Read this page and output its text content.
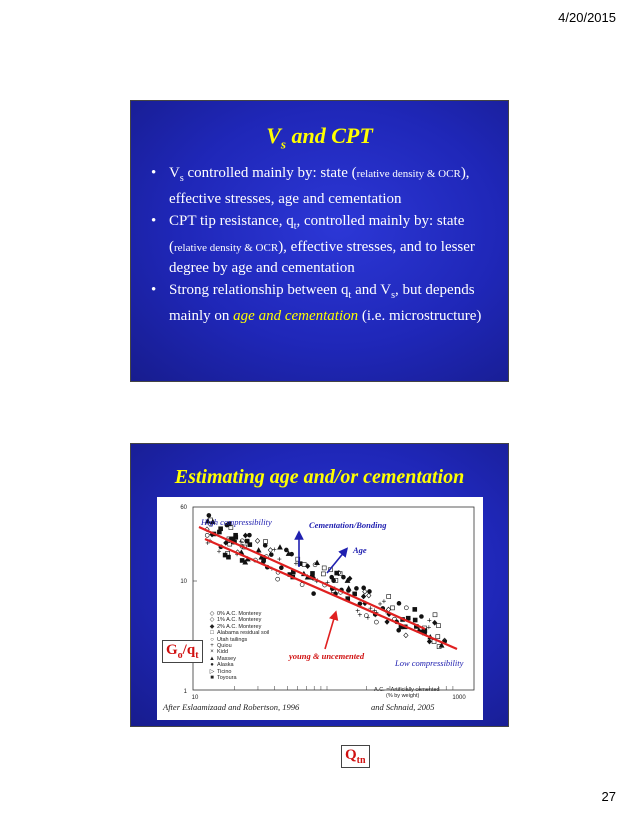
4/20/2015
$V_s$ and CPT
• $V_s$ controlled mainly by: state (relative density & OCR), effective stresses, age and cementation
• CPT tip resistance, $q_t$, controlled mainly by: state (relative density & OCR), effective stresses, and to lesser degree by age and cementation
• Strong relationship between $q_t$ and $V_s$, but depends mainly on age and cementation (i.e. microstructure)
Estimating age and/or cementation
60
10
1
10	1000
High compressibility	Cementation/Bonding
Age
young & uncemented
Low compressibility
After Eslaamizaad and Robertson, 1996	and Schnaid, 2005
◇ 0% A.C. Monterey
◇ 1% A.C. Monterey
◆ 2% A.C. Monterey
□ Alabama residual soil
○ Utah tailings
+ Quiou
× Kidd
▲ Massey
● Alaska
▷ Ticino
■ Toyoura
A.C. = Artificially cemented
(% by weight)
$G_o/q_t$
$Q_{tn}$
27
